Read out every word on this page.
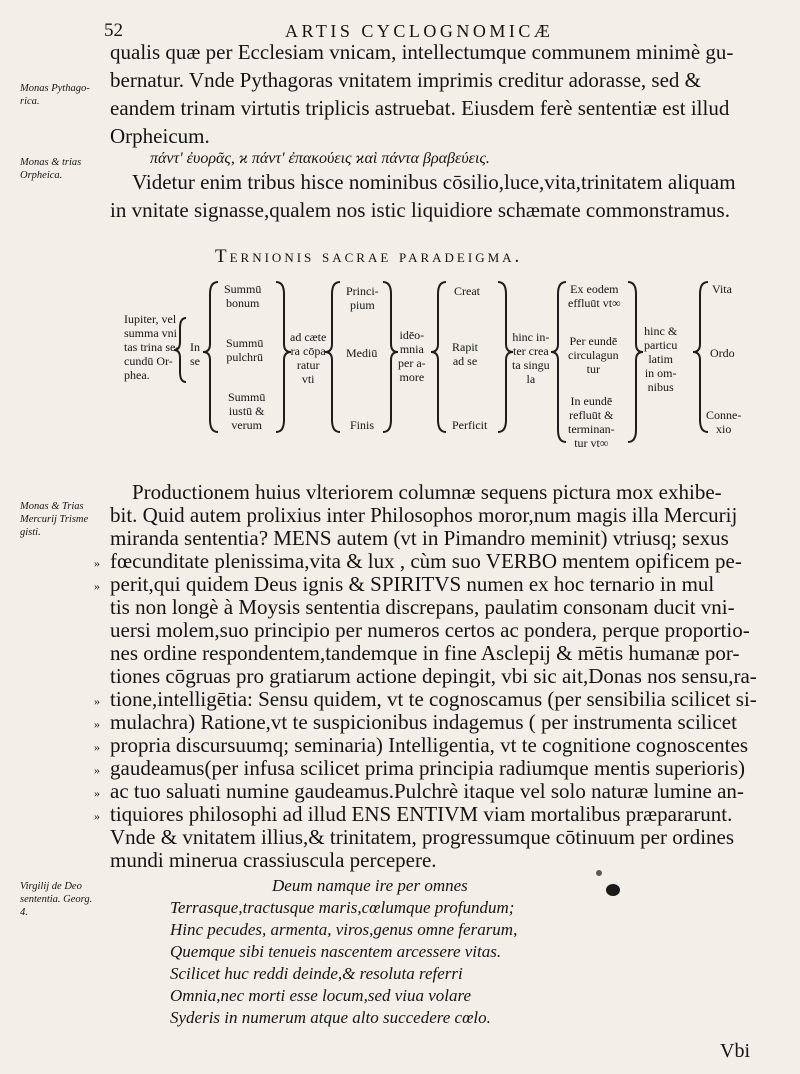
52	ARTIS CYCLOGNOMICÆ
Monas Pythago-
rica.
Monas & trias
Orpheica.
Monas & Trias
Mercurij Trisme
gisti.
Virgilij de Deo
sententia. Georg.
4.
qualis quæ per Ecclesiam vnicam, intellectumque communem minimè gu-
bernatur. Vnde Pythagoras vnitatem imprimis creditur adorasse, sed &
eandem trinam virtutis triplicis astruebat. Eiusdem ferè sententiæ est illud
Orpheicum.
πάντ' ἐυορᾶς, ϰ πάντ' ἐπακούεις ϰαὶ πάντα βραβεύεις.
Videtur enim tribus hisce nominibus cōsilio,luce,vita,trinitatem aliquam
in vnitate signasse,qualem nos istic liquidiore schæmate commonstramus.
Ternionis sacrae paradeigma.
Iupiter, vel
summa vni
tas trina se-
cundū Or-
phea.
In
se
Summū
bonum
Summū
pulchrū
Summū
iustū &
verum
ad cæte
ra cōpa
ratur
vti
Princi-
pium
Mediū
Finis
idēo-
mnia
per a-
more
Creat
Rapit
ad se
Perficit
hinc in-
ter crea
ta singu
la
Ex eodem
effluūt vt∞
Per eundē
circulagun
tur
In eundē
refluūt &
terminan-
tur vt∞
hinc &
particu
latim
in om-
nibus
Vita
Ordo
Conne-
xio
Productionem huius vlteriorem columnæ sequens pictura mox exhibe-
bit. Quid autem prolixius inter Philosophos moror,num magis illa Mercurij
miranda sententia? MENS autem (vt in Pimandro meminit) vtriusq; sexus
fœcunditate plenissima,vita & lux , cùm suo VERBO mentem opificem pe-
perit,qui quidem Deus ignis & SPIRITVS numen ex hoc ternario in mul
tis non longè à Moysis sententia discrepans, paulatim consonam ducit vni-
uersi molem,suo principio per numeros certos ac pondera, perque proportio-
nes ordine respondentem,tandemque in fine Asclepij & mētis humanæ por-
tiones cōgruas pro gratiarum actione depingit, vbi sic ait,Donas nos sensu,ra-
tione,intelligētia: Sensu quidem, vt te cognoscamus (per sensibilia scilicet si-
mulachra) Ratione,vt te suspicionibus indagemus ( per instrumenta scilicet
propria discursuumq; seminaria) Intelligentia, vt te cognitione cognoscentes
gaudeamus(per infusa scilicet prima principia radiumque mentis superioris)
ac tuo saluati numine gaudeamus.Pulchrè itaque vel solo naturæ lumine an-
tiquiores philosophi ad illud ENS ENTIVM viam mortalibus præpararunt.
Vnde & vnitatem illius,& trinitatem, progressumque cōtinuum per ordines
mundi minerua crassiuscula percepere.
»
»
»
»
»
»
»
»
Deum namque ire per omnes
Terrasque,tractusque maris,cœlumque profundum;
Hinc pecudes, armenta, viros,genus omne ferarum,
Quemque sibi tenueis nascentem arcessere vitas.
Scilicet huc reddi deinde,& resoluta referri
Omnia,nec morti esse locum,sed viua volare
Syderis in numerum atque alto succedere cœlo.
Vbi
